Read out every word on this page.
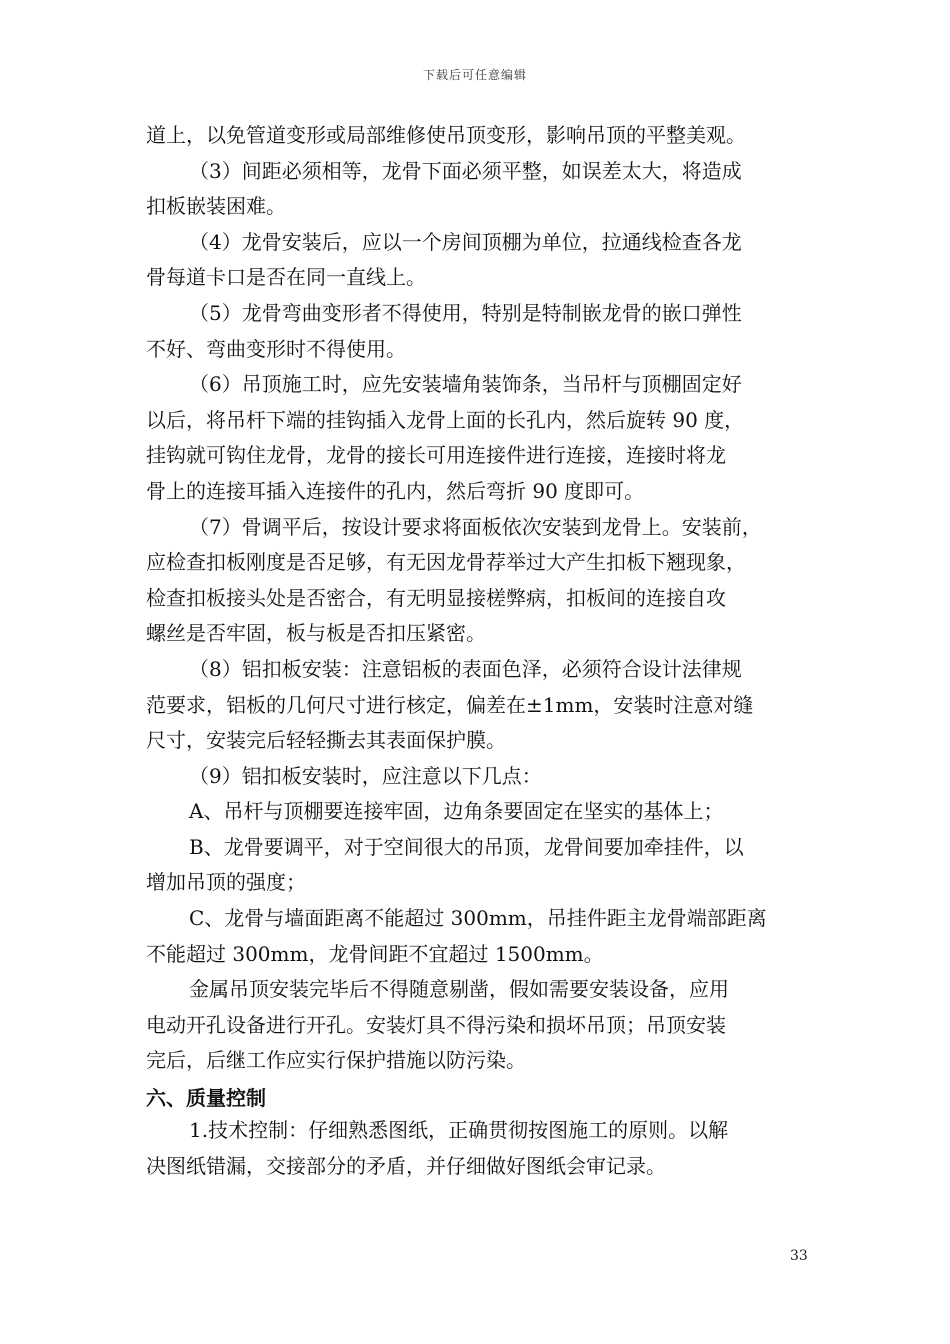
下载后可任意编辑
道上，以免管道变形或局部维修使吊顶变形，影响吊顶的平整美观。
（3）间距必须相等，龙骨下面必须平整，如误差太大，将造成
扣板嵌装困难。
（4）龙骨安装后，应以一个房间顶棚为单位，拉通线检查各龙
骨每道卡口是否在同一直线上。
（5）龙骨弯曲变形者不得使用，特别是特制嵌龙骨的嵌口弹性
不好、弯曲变形时不得使用。
（6）吊顶施工时，应先安装墙角装饰条，当吊杆与顶棚固定好
以后，将吊杆下端的挂钩插入龙骨上面的长孔内，然后旋转 90 度，
挂钩就可钩住龙骨，龙骨的接长可用连接件进行连接，连接时将龙
骨上的连接耳插入连接件的孔内，然后弯折 90 度即可。
（7）骨调平后，按设计要求将面板依次安装到龙骨上。安装前，
应检查扣板刚度是否足够，有无因龙骨荐举过大产生扣板下翘现象，
检查扣板接头处是否密合，有无明显接槎弊病，扣板间的连接自攻
螺丝是否牢固，板与板是否扣压紧密。
（8）铝扣板安装：注意铝板的表面色泽，必须符合设计法律规
范要求，铝板的几何尺寸进行核定，偏差在±1mm，安装时注意对缝
尺寸，安装完后轻轻撕去其表面保护膜。
（9）铝扣板安装时，应注意以下几点：
A、吊杆与顶棚要连接牢固，边角条要固定在坚实的基体上；
B、龙骨要调平，对于空间很大的吊顶，龙骨间要加牵挂件，以
增加吊顶的强度；
C、龙骨与墙面距离不能超过 300mm，吊挂件距主龙骨端部距离
不能超过 300mm，龙骨间距不宜超过 1500mm。
金属吊顶安装完毕后不得随意剔凿，假如需要安装设备，应用
电动开孔设备进行开孔。安装灯具不得污染和损坏吊顶；吊顶安装
完后，后继工作应实行保护措施以防污染。
六、质量控制
1.技术控制：仔细熟悉图纸，正确贯彻按图施工的原则。以解
决图纸错漏，交接部分的矛盾，并仔细做好图纸会审记录。
33
